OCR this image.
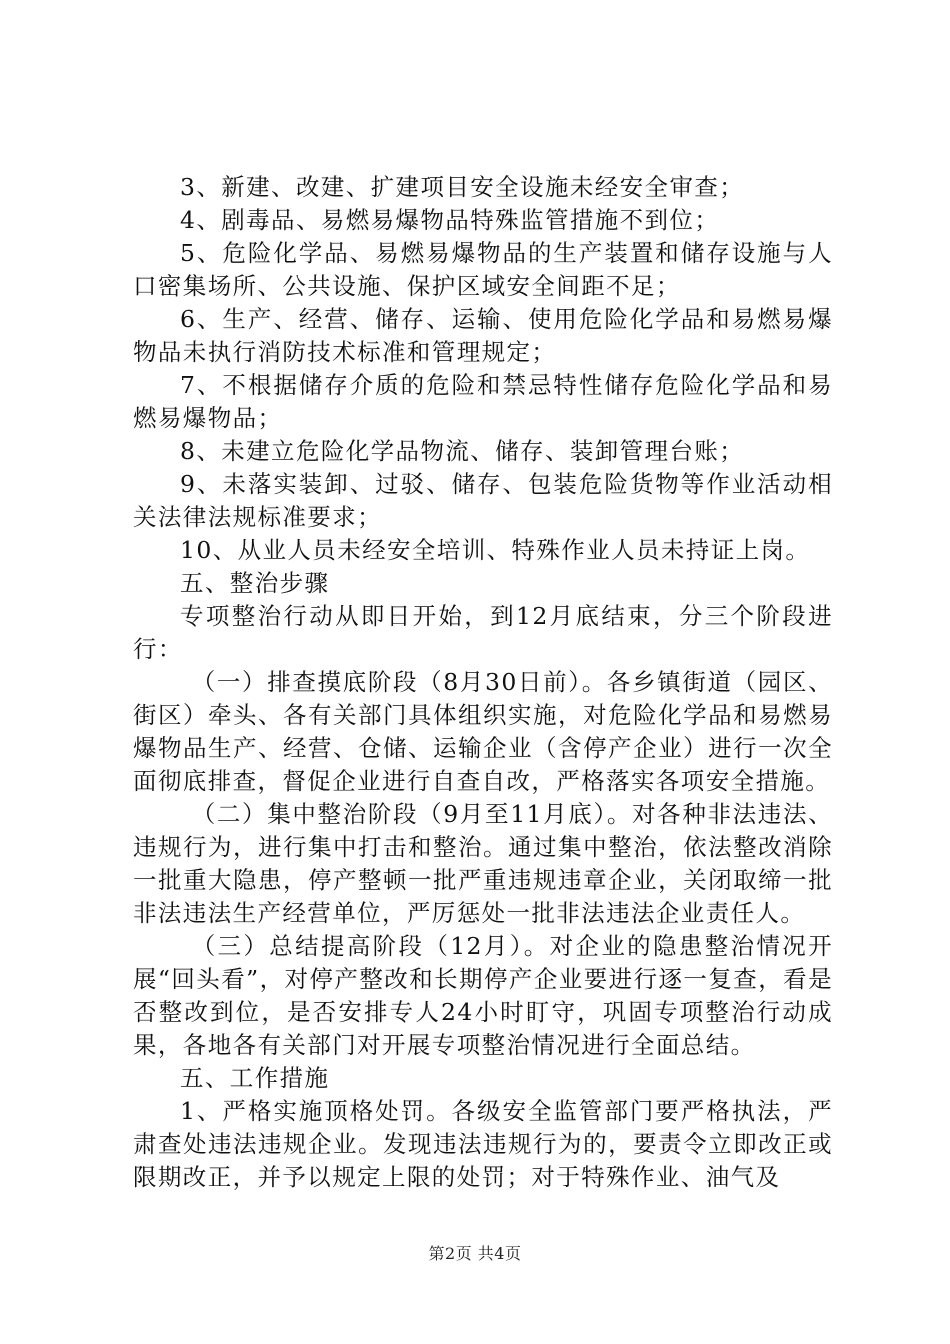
3、新建、改建、扩建项目安全设施未经安全审查；

4、剧毒品、易燃易爆物品特殊监管措施不到位；

5、危险化学品、易燃易爆物品的生产装置和储存设施与人口密集场所、公共设施、保护区域安全间距不足；

6、生产、经营、储存、运输、使用危险化学品和易燃易爆物品未执行消防技术标准和管理规定；

7、不根据储存介质的危险和禁忌特性储存危险化学品和易燃易爆物品；

8、未建立危险化学品物流、储存、装卸管理台账；

9、未落实装卸、过驳、储存、包装危险货物等作业活动相关法律法规标准要求；

10、从业人员未经安全培训、特殊作业人员未持证上岗。

五、整治步骤

专项整治行动从即日开始，到12月底结束，分三个阶段进行：

（一）排查摸底阶段（8月30日前）。各乡镇街道（园区、街区）牵头、各有关部门具体组织实施，对危险化学品和易燃易爆物品生产、经营、仓储、运输企业（含停产企业）进行一次全面彻底排查，督促企业进行自查自改，严格落实各项安全措施。

（二）集中整治阶段（9月至11月底）。对各种非法违法、违规行为，进行集中打击和整治。通过集中整治，依法整改消除一批重大隐患，停产整顿一批严重违规违章企业，关闭取缔一批非法违法生产经营单位，严厉惩处一批非法违法企业责任人。

（三）总结提高阶段（12月）。对企业的隐患整治情况开展“回头看”，对停产整改和长期停产企业要进行逐一复查，看是否整改到位，是否安排专人24小时盯守，巩固专项整治行动成果，各地各有关部门对开展专项整治情况进行全面总结。

五、工作措施

1、严格实施顶格处罚。各级安全监管部门要严格执法，严肃查处违法违规企业。发现违法违规行为的，要责令立即改正或限期改正，并予以规定上限的处罚；对于特殊作业、油气及

第2页 共4页
